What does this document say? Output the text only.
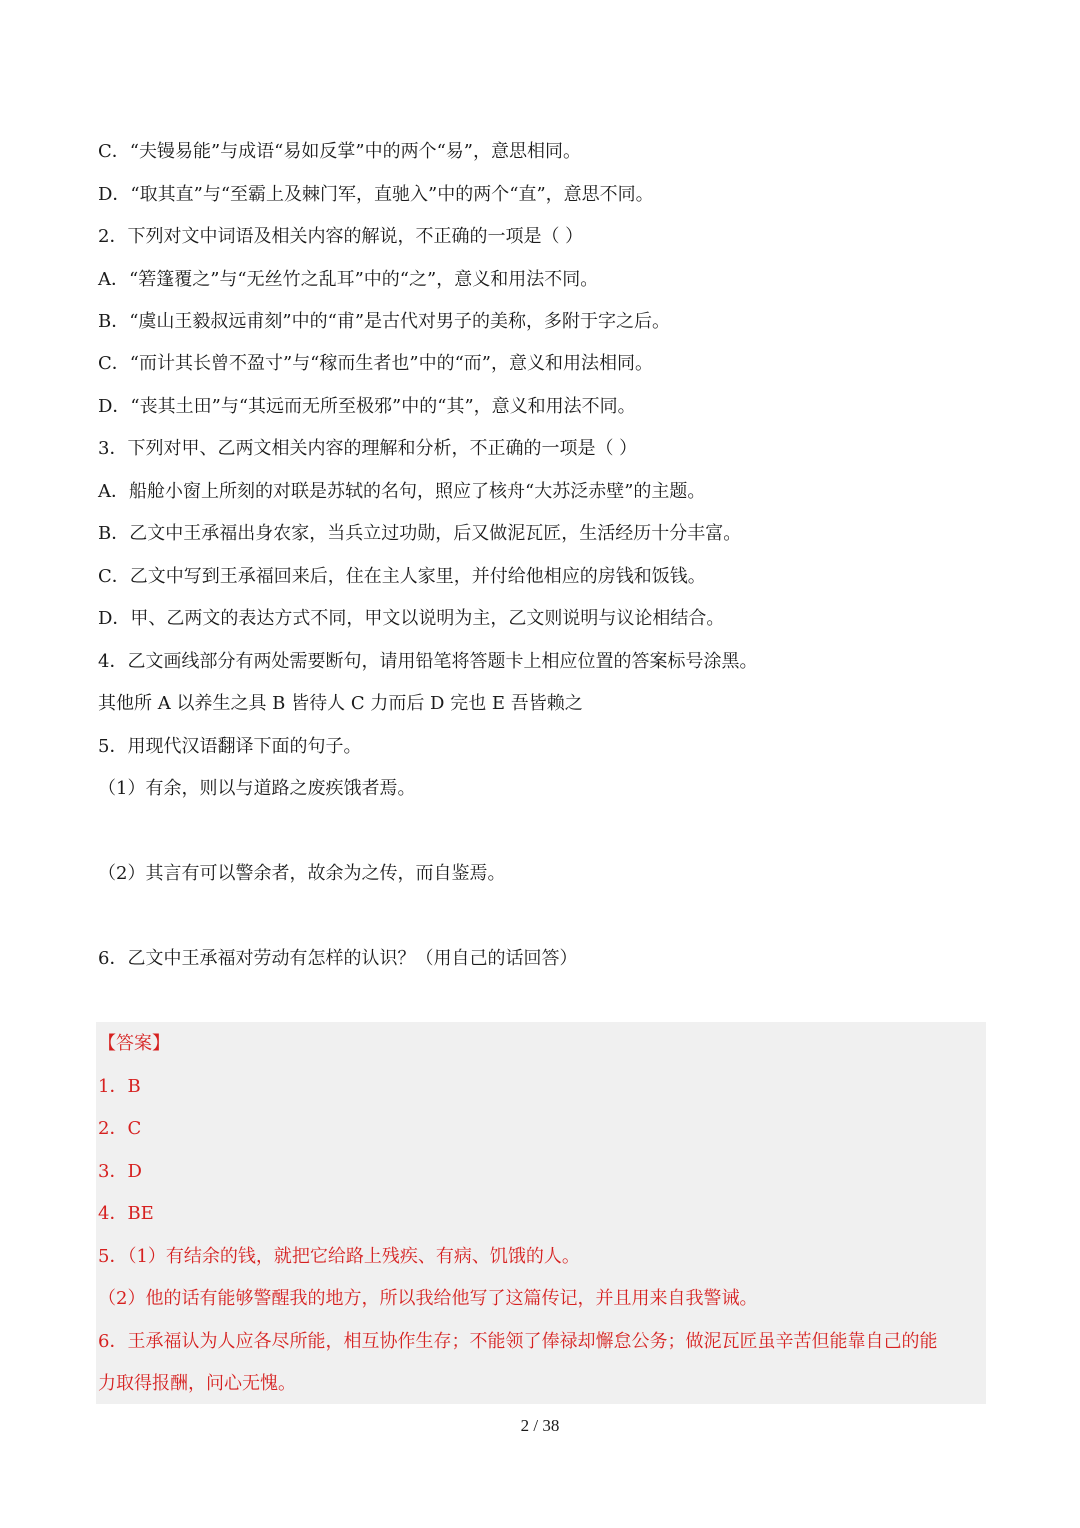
C．“夫镘易能”与成语“易如反掌”中的两个“易”，意思相同。
D．“取其直”与“至霸上及棘门军，直驰入”中的两个“直”，意思不同。
2．下列对文中词语及相关内容的解说，不正确的一项是（ ）
A．“箬篷覆之”与“无丝竹之乱耳”中的“之”，意义和用法不同。
B．“虞山王毅叔远甫刻”中的“甫”是古代对男子的美称，多附于字之后。
C．“而计其长曾不盈寸”与“稼而生者也”中的“而”，意义和用法相同。
D．“丧其土田”与“其远而无所至极邪”中的“其”，意义和用法不同。
3．下列对甲、乙两文相关内容的理解和分析，不正确的一项是（ ）
A．船舱小窗上所刻的对联是苏轼的名句，照应了核舟“大苏泛赤壁”的主题。
B．乙文中王承福出身农家，当兵立过功勋，后又做泥瓦匠，生活经历十分丰富。
C．乙文中写到王承福回来后，住在主人家里，并付给他相应的房钱和饭钱。
D．甲、乙两文的表达方式不同，甲文以说明为主，乙文则说明与议论相结合。
4．乙文画线部分有两处需要断句，请用铅笔将答题卡上相应位置的答案标号涂黑。
其他所 A 以养生之具 B 皆待人 C 力而后 D 完也 E 吾皆赖之
5．用现代汉语翻译下面的句子。
（1）有余，则以与道路之废疾饿者焉。
（2）其言有可以警余者，故余为之传，而自鉴焉。
6．乙文中王承福对劳动有怎样的认识？（用自己的话回答）
【答案】
1．B
2．C
3．D
4．BE
5．（1）有结余的钱，就把它给路上残疾、有病、饥饿的人。
（2）他的话有能够警醒我的地方，所以我给他写了这篇传记，并且用来自我警诫。
6．王承福认为人应各尽所能，相互协作生存；不能领了俸禄却懈怠公务；做泥瓦匠虽辛苦但能靠自己的能
力取得报酬，问心无愧。
2 / 38
